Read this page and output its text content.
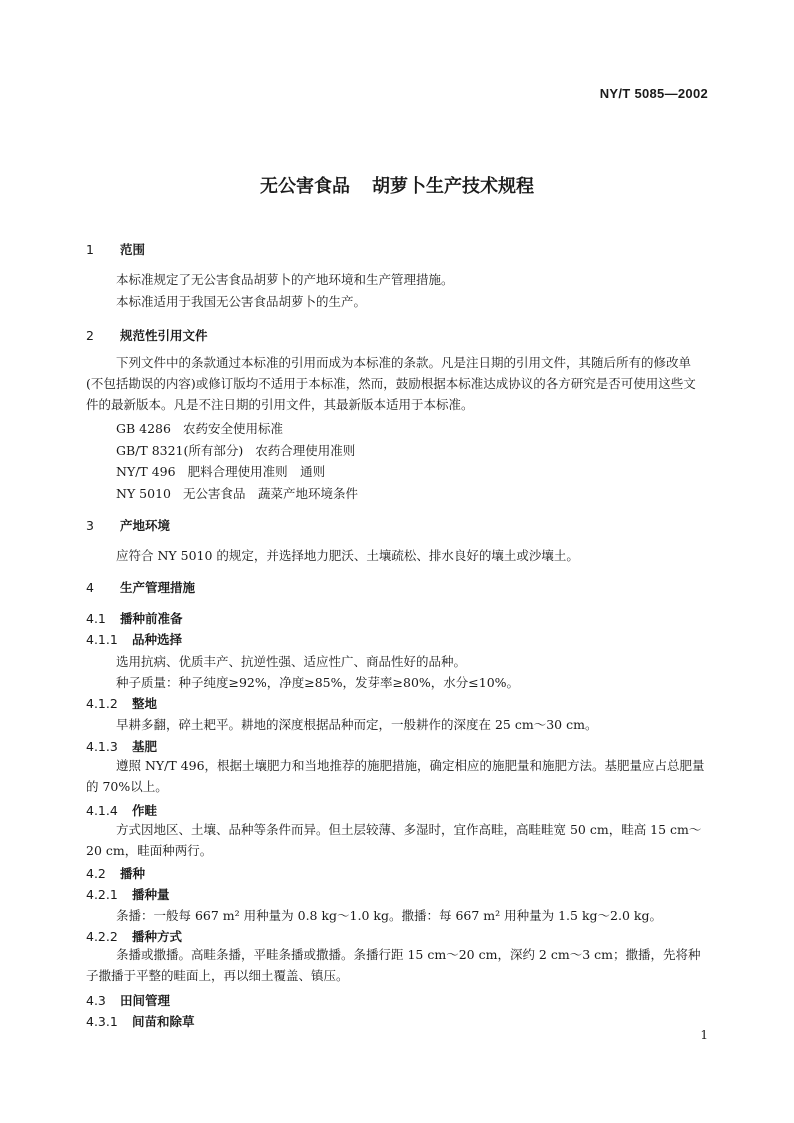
NY/T 5085—2002
无公害食品 胡萝卜生产技术规程
1 范围
本标准规定了无公害食品胡萝卜的产地环境和生产管理措施。
本标准适用于我国无公害食品胡萝卜的生产。
2 规范性引用文件
下列文件中的条款通过本标准的引用而成为本标准的条款。凡是注日期的引用文件，其随后所有的修改单(不包括勘误的内容)或修订版均不适用于本标准，然而，鼓励根据本标准达成协议的各方研究是否可使用这些文件的最新版本。凡是不注日期的引用文件，其最新版本适用于本标准。
GB 4286 农药安全使用标准
GB/T 8321(所有部分) 农药合理使用准则
NY/T 496 肥料合理使用准则　通则
NY 5010 无公害食品　蔬菜产地环境条件
3 产地环境
应符合 NY 5010 的规定，并选择地力肥沃、土壤疏松、排水良好的壤土或沙壤土。
4 生产管理措施
4.1 播种前准备
4.1.1 品种选择
选用抗病、优质丰产、抗逆性强、适应性广、商品性好的品种。
种子质量：种子纯度≥92%，净度≥85%，发芽率≥80%，水分≤10%。
4.1.2 整地
早耕多翻，碎土耙平。耕地的深度根据品种而定，一般耕作的深度在 25 cm～30 cm。
4.1.3 基肥
遵照 NY/T 496，根据土壤肥力和当地推荐的施肥措施，确定相应的施肥量和施肥方法。基肥量应占总肥量的 70%以上。
4.1.4 作畦
方式因地区、土壤、品种等条件而异。但土层较薄、多湿时，宜作高畦，高畦畦宽 50 cm，畦高 15 cm～20 cm，畦面种两行。
4.2 播种
4.2.1 播种量
条播：一般每 667 m² 用种量为 0.8 kg～1.0 kg。撒播：每 667 m² 用种量为 1.5 kg～2.0 kg。
4.2.2 播种方式
条播或撒播。高畦条播，平畦条播或撒播。条播行距 15 cm～20 cm，深约 2 cm～3 cm；撒播，先将种子撒播于平整的畦面上，再以细土覆盖、镇压。
4.3 田间管理
4.3.1 间苗和除草
1
